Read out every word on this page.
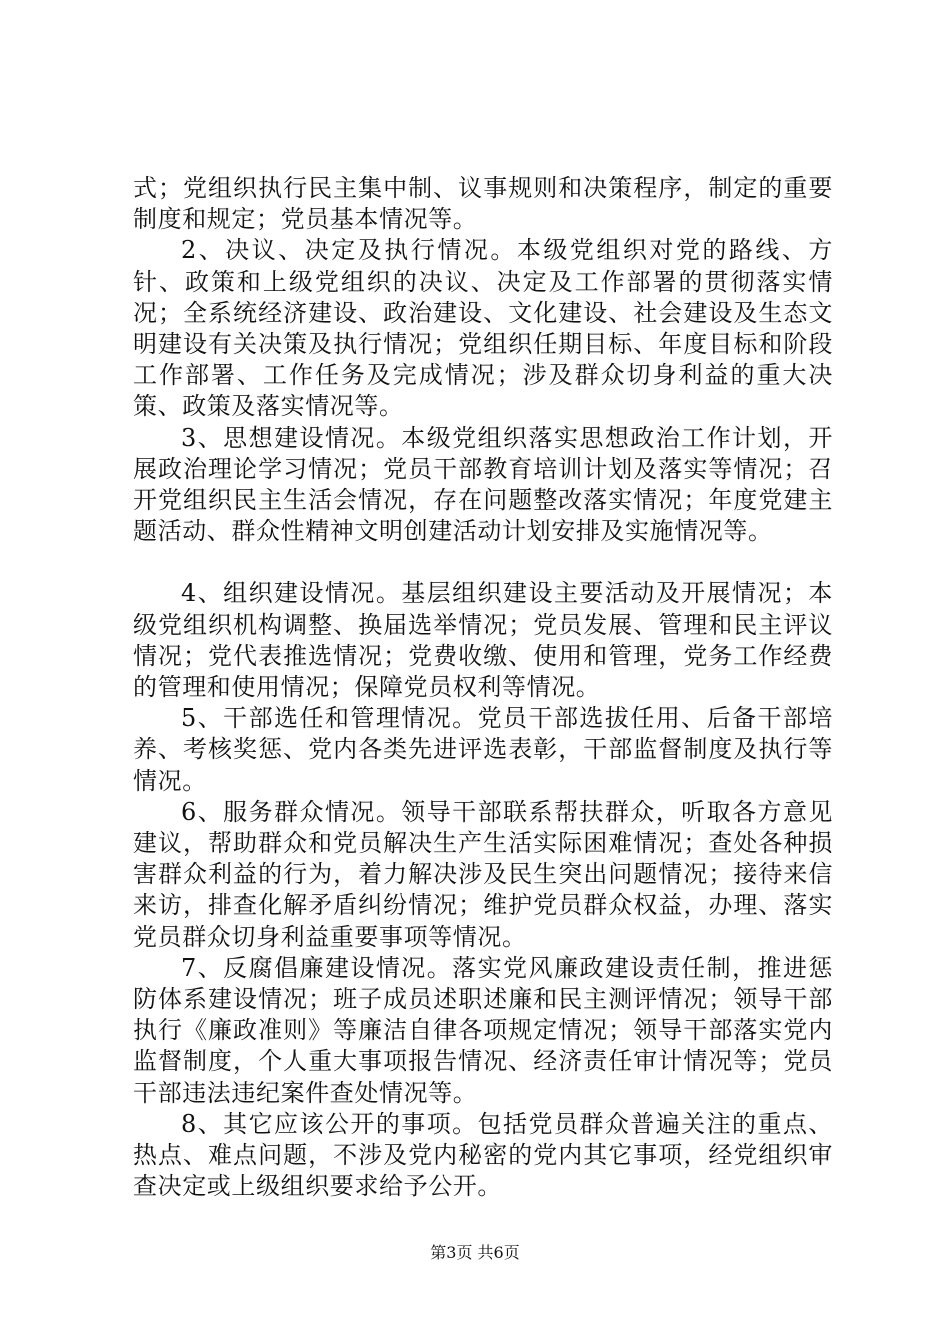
式；党组织执行民主集中制、议事规则和决策程序，制定的重要制度和规定；党员基本情况等。

2、决议、决定及执行情况。本级党组织对党的路线、方针、政策和上级党组织的决议、决定及工作部署的贯彻落实情况；全系统经济建设、政治建设、文化建设、社会建设及生态文明建设有关决策及执行情况；党组织任期目标、年度目标和阶段工作部署、工作任务及完成情况；涉及群众切身利益的重大决策、政策及落实情况等。

3、思想建设情况。本级党组织落实思想政治工作计划，开展政治理论学习情况；党员干部教育培训计划及落实等情况；召开党组织民主生活会情况，存在问题整改落实情况；年度党建主题活动、群众性精神文明创建活动计划安排及实施情况等。

4、组织建设情况。基层组织建设主要活动及开展情况；本级党组织机构调整、换届选举情况；党员发展、管理和民主评议情况；党代表推选情况；党费收缴、使用和管理，党务工作经费的管理和使用情况；保障党员权利等情况。

5、干部选任和管理情况。党员干部选拔任用、后备干部培养、考核奖惩、党内各类先进评选表彰，干部监督制度及执行等情况。

6、服务群众情况。领导干部联系帮扶群众，听取各方意见建议，帮助群众和党员解决生产生活实际困难情况；查处各种损害群众利益的行为，着力解决涉及民生突出问题情况；接待来信来访，排查化解矛盾纠纷情况；维护党员群众权益，办理、落实党员群众切身利益重要事项等情况。

7、反腐倡廉建设情况。落实党风廉政建设责任制，推进惩防体系建设情况；班子成员述职述廉和民主测评情况；领导干部执行《廉政准则》等廉洁自律各项规定情况；领导干部落实党内监督制度，个人重大事项报告情况、经济责任审计情况等；党员干部违法违纪案件查处情况等。

8、其它应该公开的事项。包括党员群众普遍关注的重点、热点、难点问题，不涉及党内秘密的党内其它事项，经党组织审查决定或上级组织要求给予公开。

第3页 共6页
